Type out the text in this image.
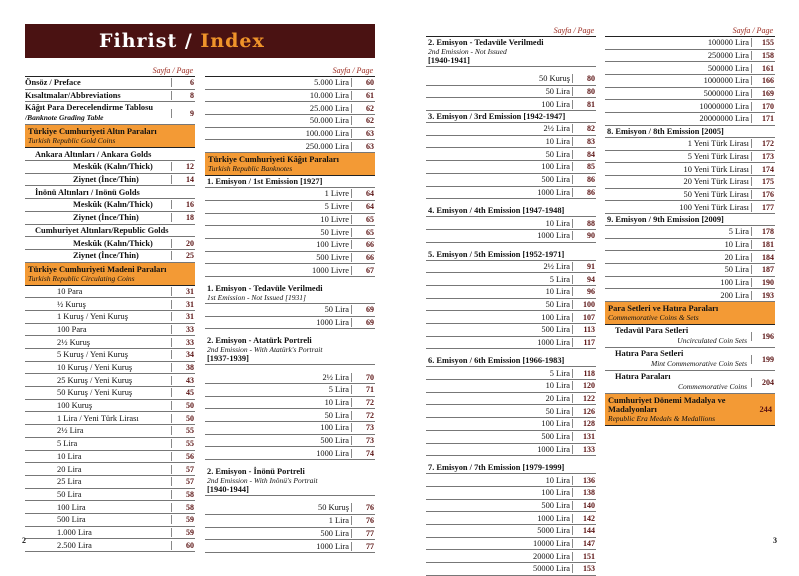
Fihrist / Index
Sayfa / Page
Önsöz / Preface	6
Kısaltmalar/Abbreviations	8
Kâğıt Para Derecelendirme Tablosu
/Banknote Grading Table	9
Türkiye Cumhuriyeti Altın Paraları
Turkish Republic Gold Coins
Ankara Altınları / Ankara Golds
Meskûk (Kalın/Thick)	12
Ziynet (İnce/Thin)	14
İnönü Altınları / Inönü Golds
Meskûk (Kalın/Thick)	16
Ziynet (İnce/Thin)	18
Cumhuriyet Altınları/Republic Golds
Meskûk (Kalın/Thick)	20
Ziynet (İnce/Thin)	25
Türkiye Cumhuriyeti Madeni Paraları
Turkish Republic Circulating Coins
10 Para	31
½ Kuruş	31
1 Kuruş / Yeni Kuruş	31
100 Para	33
2½ Kuruş	33
5 Kuruş / Yeni Kuruş	34
10 Kuruş / Yeni Kuruş	38
25 Kuruş / Yeni Kuruş	43
50 Kuruş / Yeni Kuruş	45
100 Kuruş	50
1 Lira / Yeni Türk Lirası	50
2½ Lira	55
5 Lira	55
10 Lira	56
20 Lira	57
25 Lira	57
50 Lira	58
100 Lira	58
500 Lira	59
1.000 Lira	59
2.500 Lira	60
Sayfa / Page
5.000 Lira	60
10.000 Lira	61
25.000 Lira	62
50.000 Lira	62
100.000 Lira	63
250.000 Lira	63
Türkiye Cumhuriyeti Kâğıt Paraları
Turkish Republic Banknotes
1. Emisyon / 1st Emission [1927]
1 Livre	64
5 Livre	64
10 Livre	65
50 Livre	65
100 Livre	66
500 Livre	66
1000 Livre	67
1. Emisyon - Tedavüle Verilmedi
1st Emission - Not Issued [1931]
50 Lira	69
1000 Lira	69
2. Emisyon - Atatürk Portreli
2nd Emission - With Atatürk's Portrait
[1937-1939]
2½ Lira	70
5 Lira	71
10 Lira	72
50 Lira	72
100 Lira	73
500 Lira	73
1000 Lira	74
2. Emisyon - İnönü Portreli
2nd Emission - With Inönü's Portrait
[1940-1944]
50 Kuruş	76
1 Lira	76
500 Lira	77
1000 Lira	77
2
Sayfa / Page
2. Emisyon - Tedavüle Verilmedi
2nd Emission - Not Issued
[1940-1941]
50 Kuruş	80
50 Lira	80
100 Lira	81
3. Emisyon / 3rd Emission [1942-1947]
2½ Lira	82
10 Lira	83
50 Lira	84
100 Lira	85
500 Lira	86
1000 Lira	86
4. Emisyon / 4th Emission [1947-1948]
10 Lira	88
1000 Lira	90
5. Emisyon / 5th Emission [1952-1971]
2½ Lira	91
5 Lira	94
10 Lira	96
50 Lira	100
100 Lira	107
500 Lira	113
1000 Lira	117
6. Emisyon / 6th Emission [1966-1983]
5 Lira	118
10 Lira	120
20 Lira	122
50 Lira	126
100 Lira	128
500 Lira	131
1000 Lira	133
7. Emisyon / 7th Emission [1979-1999]
10 Lira	136
100 Lira	138
500 Lira	140
1000 Lira	142
5000 Lira	144
10000 Lira	147
20000 Lira	151
50000 Lira	153
Sayfa / Page
100000 Lira	155
250000 Lira	158
500000 Lira	161
1000000 Lira	166
5000000 Lira	169
10000000 Lira	170
20000000 Lira	171
8. Emisyon / 8th Emission [2005]
1 Yeni Türk Lirası	172
5 Yeni Türk Lirası	173
10 Yeni Türk Lirası	174
20 Yeni Türk Lirası	175
50 Yeni Türk Lirası	176
100 Yeni Türk Lirası	177
9. Emisyon / 9th Emission [2009]
5 Lira	178
10 Lira	181
20 Lira	184
50 Lira	187
100 Lira	190
200 Lira	193
Para Setleri ve Hatıra Paraları
Commemorative Coins & Sets
Tedavül Para Setleri
Uncirculated Coin Sets	196
Hatıra Para Setleri
Mint Commemorative Coin Sets	199
Hatıra Paraları
Commemorative Coins	204
Cumhuriyet Dönemi Madalya ve Madalyonları
Republic Era Medals & Medallions
244
3
